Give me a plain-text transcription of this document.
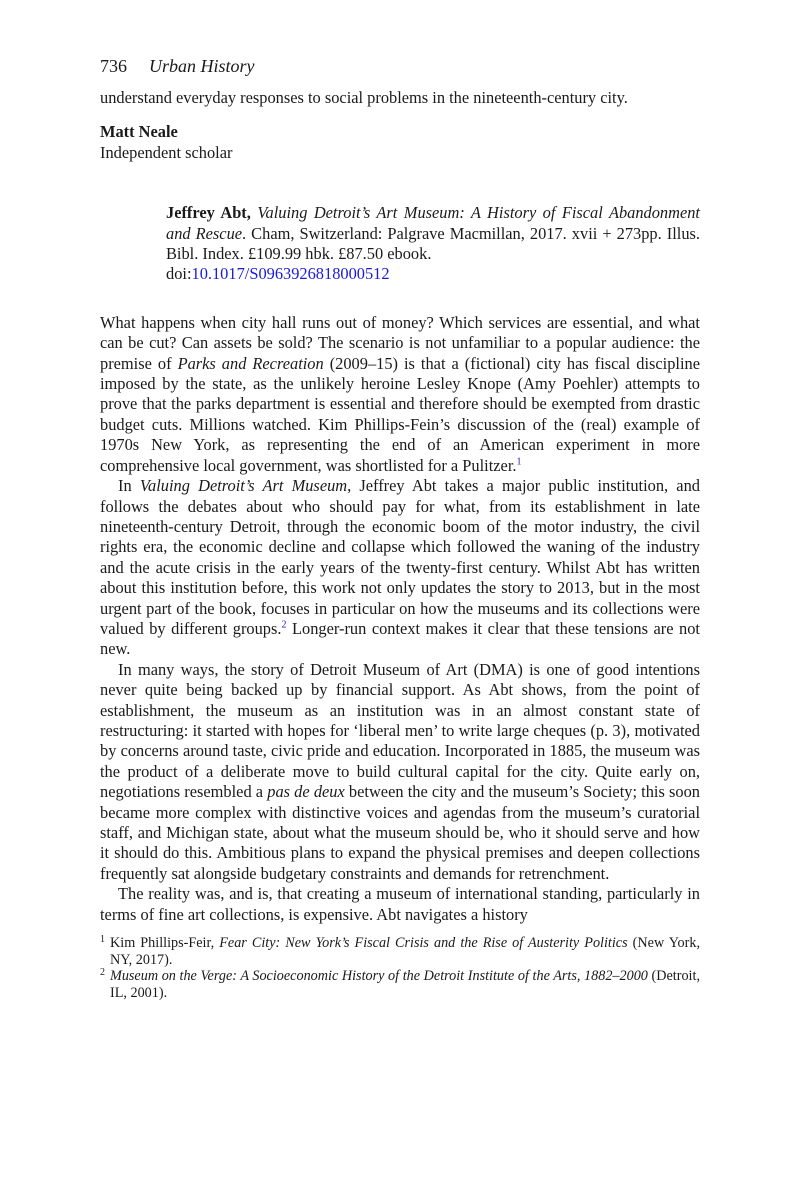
736 Urban History

understand everyday responses to social problems in the nineteenth-century city.

Matt Neale

Independent scholar

Jeffrey Abt, Valuing Detroit’s Art Museum: A History of Fiscal Abandonment and Rescue. Cham, Switzerland: Palgrave Macmillan, 2017. xvii + 273pp. Illus. Bibl. Index. £109.99 hbk. £87.50 ebook.
doi:10.1017/S0963926818000512

What happens when city hall runs out of money? Which services are essential, and what can be cut? Can assets be sold? The scenario is not unfamiliar to a popular audience: the premise of Parks and Recreation (2009–15) is that a (fictional) city has fiscal discipline imposed by the state, as the unlikely heroine Lesley Knope (Amy Poehler) attempts to prove that the parks department is essential and therefore should be exempted from drastic budget cuts. Millions watched. Kim Phillips-Fein’s discussion of the (real) example of 1970s New York, as representing the end of an American experiment in more comprehensive local government, was shortlisted for a Pulitzer.$^1$

In Valuing Detroit’s Art Museum, Jeffrey Abt takes a major public institution, and follows the debates about who should pay for what, from its establishment in late nineteenth-century Detroit, through the economic boom of the motor industry, the civil rights era, the economic decline and collapse which followed the waning of the industry and the acute crisis in the early years of the twenty-first century. Whilst Abt has written about this institution before, this work not only updates the story to 2013, but in the most urgent part of the book, focuses in particular on how the museums and its collections were valued by different groups.$^2$ Longer-run context makes it clear that these tensions are not new.

In many ways, the story of Detroit Museum of Art (DMA) is one of good intentions never quite being backed up by financial support. As Abt shows, from the point of establishment, the museum as an institution was in an almost constant state of restructuring: it started with hopes for ‘liberal men’ to write large cheques (p. 3), motivated by concerns around taste, civic pride and education. Incorporated in 1885, the museum was the product of a deliberate move to build cultural capital for the city. Quite early on, negotiations resembled a pas de deux between the city and the museum’s Society; this soon became more complex with distinctive voices and agendas from the museum’s curatorial staff, and Michigan state, about what the museum should be, who it should serve and how it should do this. Ambitious plans to expand the physical premises and deepen collections frequently sat alongside budgetary constraints and demands for retrenchment.

The reality was, and is, that creating a museum of international standing, particularly in terms of fine art collections, is expensive. Abt navigates a history

1 Kim Phillips-Feir, Fear City: New York’s Fiscal Crisis and the Rise of Austerity Politics (New York, NY, 2017).
2 Museum on the Verge: A Socioeconomic History of the Detroit Institute of the Arts, 1882–2000 (Detroit, IL, 2001).
